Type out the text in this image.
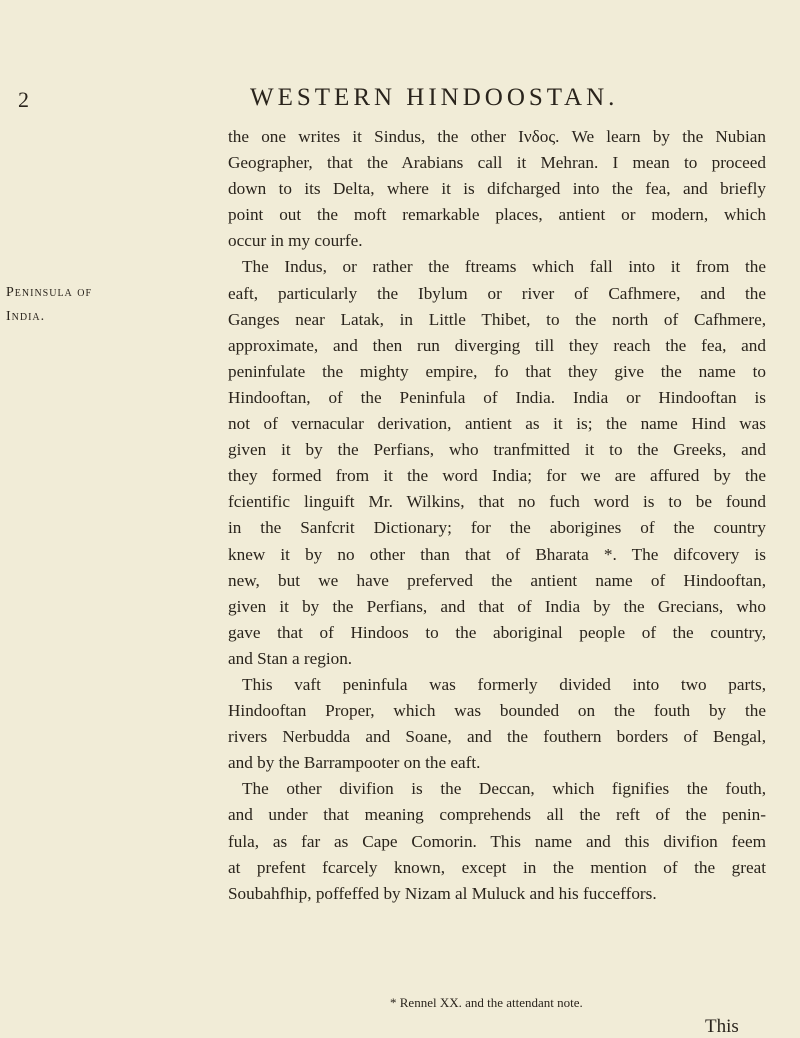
2	WESTERN HINDOOSTAN.
Peninsula of
India.
the one writes it Sindus, the other Ινδος. We learn by the Nubian
Geographer, that the Arabians call it Mehran. I mean to proceed
down to its Delta, where it is difcharged into the fea, and briefly
point out the moft remarkable places, antient or modern, which
occur in my courfe.
The Indus, or rather the ftreams which fall into it from the
eaft, particularly the Ibylum or river of Cafhmere, and the
Ganges near Latak, in Little Thibet, to the north of Cafhmere,
approximate, and then run diverging till they reach the fea, and
peninfulate the mighty empire, fo that they give the name to
Hindooftan, of the Peninfula of India. India or Hindooftan is
not of vernacular derivation, antient as it is; the name Hind was
given it by the Perfians, who tranfmitted it to the Greeks, and
they formed from it the word India; for we are affured by the
fcientific linguift Mr. Wilkins, that no fuch word is to be found
in the Sanfcrit Dictionary; for the aborigines of the country
knew it by no other than that of Bharata *. The difcovery is
new, but we have preferved the antient name of Hindooftan,
given it by the Perfians, and that of India by the Grecians, who
gave that of Hindoos to the aboriginal people of the country,
and Stan a region.
This vaft peninfula was formerly divided into two parts,
Hindooftan Proper, which was bounded on the fouth by the
rivers Nerbudda and Soane, and the fouthern borders of Bengal,
and by the Barrampooter on the eaft.
The other divifion is the Deccan, which fignifies the fouth,
and under that meaning comprehends all the reft of the penin-
fula, as far as Cape Comorin. This name and this divifion feem
at prefent fcarcely known, except in the mention of the great
Soubahfhip, poffeffed by Nizam al Muluck and his fucceffors.
* Rennel XX. and the attendant note.
This
